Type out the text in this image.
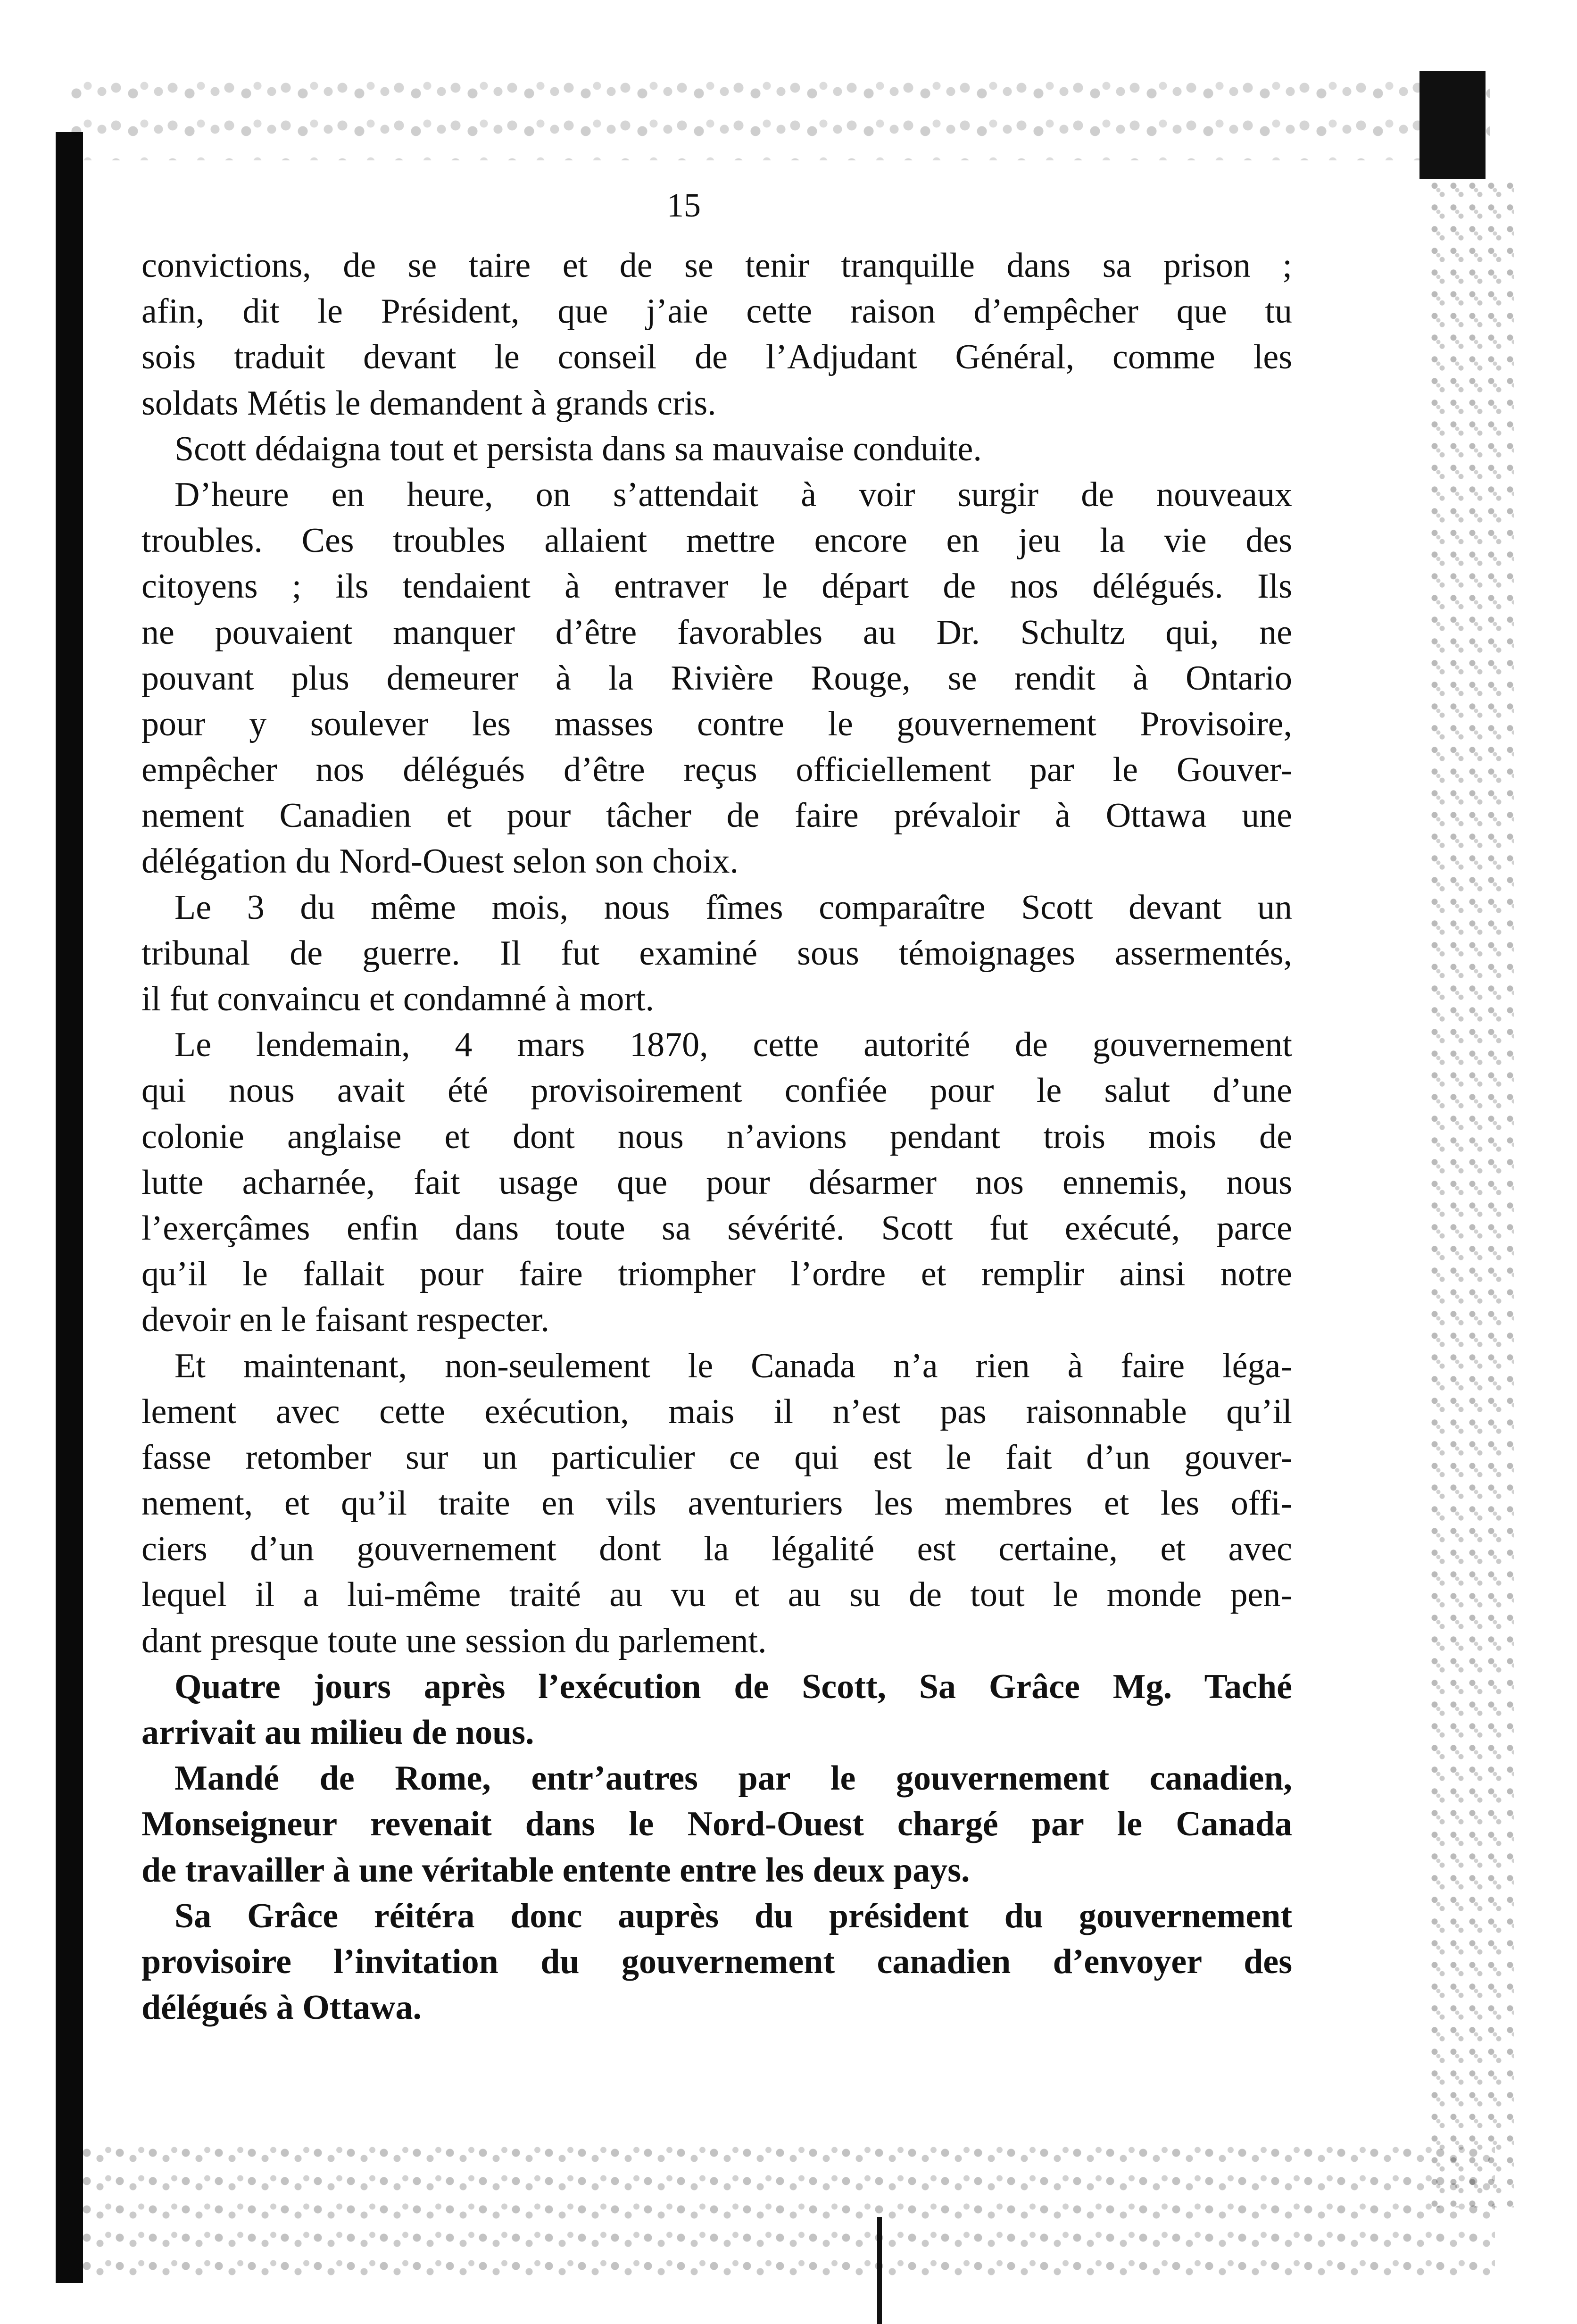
15
convictions, de se taire et de se tenir tranquille dans sa prison ;
afin, dit le Président, que j’aie cette raison d’empêcher que tu
sois traduit devant le conseil de l’Adjudant Général, comme les
soldats Métis le demandent à grands cris.
Scott dédaigna tout et persista dans sa mauvaise conduite.
D’heure en heure, on s’attendait à voir surgir de nouveaux
troubles. Ces troubles allaient mettre encore en jeu la vie des
citoyens ; ils tendaient à entraver le départ de nos délégués. Ils
ne pouvaient manquer d’être favorables au Dr. Schultz qui, ne
pouvant plus demeurer à la Rivière Rouge, se rendit à Ontario
pour y soulever les masses contre le gouvernement Provisoire,
empêcher nos délégués d’être reçus officiellement par le Gouver-
nement Canadien et pour tâcher de faire prévaloir à Ottawa une
délégation du Nord-Ouest selon son choix.
Le 3 du même mois, nous fîmes comparaître Scott devant un
tribunal de guerre. Il fut examiné sous témoignages assermentés,
il fut convaincu et condamné à mort.
Le lendemain, 4 mars 1870, cette autorité de gouvernement
qui nous avait été provisoirement confiée pour le salut d’une
colonie anglaise et dont nous n’avions pendant trois mois de
lutte acharnée, fait usage que pour désarmer nos ennemis, nous
l’exerçâmes enfin dans toute sa sévérité. Scott fut exécuté, parce
qu’il le fallait pour faire triompher l’ordre et remplir ainsi notre
devoir en le faisant respecter.
Et maintenant, non-seulement le Canada n’a rien à faire léga-
lement avec cette exécution, mais il n’est pas raisonnable qu’il
fasse retomber sur un particulier ce qui est le fait d’un gouver-
nement, et qu’il traite en vils aventuriers les membres et les offi-
ciers d’un gouvernement dont la légalité est certaine, et avec
lequel il a lui-même traité au vu et au su de tout le monde pen-
dant presque toute une session du parlement.
Quatre jours après l’exécution de Scott, Sa Grâce Mg. Taché
arrivait au milieu de nous.
Mandé de Rome, entr’autres par le gouvernement canadien,
Monseigneur revenait dans le Nord-Ouest chargé par le Canada
de travailler à une véritable entente entre les deux pays.
Sa Grâce réitéra donc auprès du président du gouvernement
provisoire l’invitation du gouvernement canadien d’envoyer des
délégués à Ottawa.
